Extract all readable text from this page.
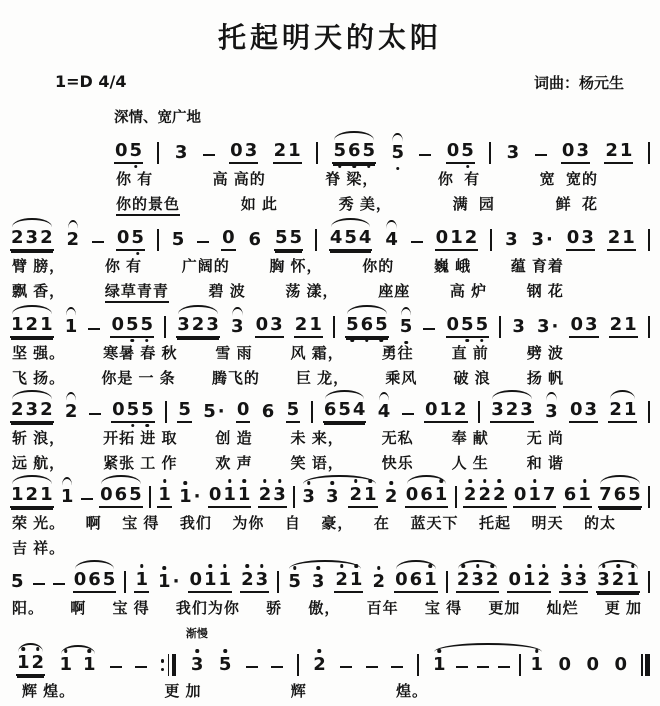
托起明天的太阳
1=D 4/4	词曲：杨元生
深情、宽广地
0 5 3 0 3 2 1 5 6 5 5 0 5 3 0 3 2 1
你 有	高 高的	脊 梁，	你  有	宽  宽的
你的景色	如 此	秀 美，	满  园	鲜  花
2 3 2 2 0 5 5 0 6 5 5 4 5 4 4 0 1 2 3 3 · 0 3 2 1
臂 膀，	你 有	广阔的	胸 怀，	你的	巍 峨	蕴 育着
飘 香，	绿草青青	碧 波	荡 漾，	座座	高 炉	钢 花
1 2 1 1 0 5 5 3 2 3 3 0 3 2 1 5 6 5 5 0 5 5 3 3 · 0 3 2 1
坚 强。	寒暑 春 秋	雪 雨	风 霜，	勇往	直 前	劈 波
飞 扬。 你是 一 条 腾飞的 巨 龙， 乘风 破 浪 扬 帆
2 3 2 2 0 5 5 5 5 · 0 6 5 6 5 4 4 0 1 2 3 2 3 3 0 3 2 1
斩 浪，	开拓 进 取	创 造	未 来，	无私	奉 献	无 尚
远 航，	紧张 工 作	欢 声	笑 语，	快乐	人 生	和 谐
1 2 1 1 0 6 5 1 1 · 0 1 1 2 3 3 3 2 1 2 0 6 1 2 2 2 0 1 7 6 1 7 6 5
荣 光。 啊 宝 得 我们 为你 自 豪， 在 蓝天下 托起 明天 的太
吉 祥。
5	0 6 5 1 1 · 0 1 1 2 3 5 3 2 1 2 0 6 1 2 3 2 0 1 2 3 3 3 2 1
阳。 啊 宝 得 我们为你 骄 傲， 百年 宝 得 更加 灿烂 更 加
1 2 1 1	3
渐慢
5	2	1	1 0 0 0
辉 煌。	更 加	辉	煌。
